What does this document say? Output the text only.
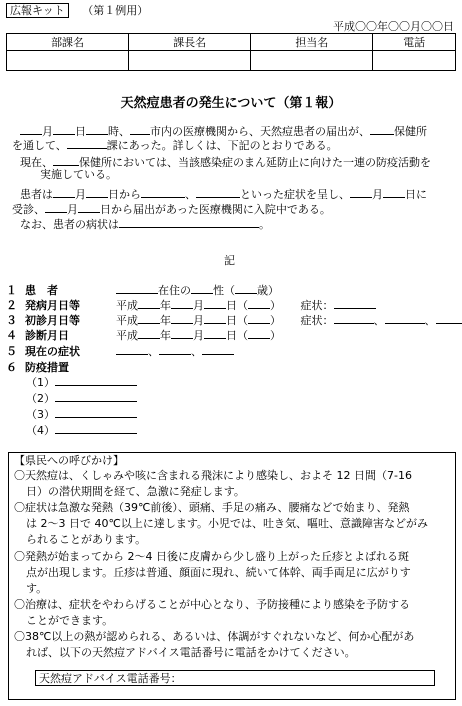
広報キット （第１例用）
平成〇〇年〇〇月〇〇日
部課名	課長名	担当名	電話

天然痘患者の発生について（第１報）
月 日 時、 市内の医療機関から、天然痘患者の届出が、 保健所
を通して、	課にあった。詳しくは、下記のとおりである。
現在、 保健所においては、当該感染症のまん延防止に向けた一連の防疫活動を
実施している。
患者は 月 日から	、	といった症状を呈し、 月 日に
受診、 月 日から届出があった医療機関に入院中である。
なお、患者の病状は	。
記
１ 患　者	在住の 性（ 歳）
２ 発病月日等	平成 年 月 日（ ） 症状：
３ 初診月日等	平成 年 月 日（ ） 症状：	、	、
４ 診断月日	平成 年 月 日（ ）
５ 現在の症状	、	、
６ 防疫措置
（1）
（2）
（3）
（4）
【県民への呼びかけ】
〇天然痘は、くしゃみや咳に含まれる飛沫により感染し、およそ 12 日間（7-16
日）の潜伏期間を経て、急激に発症します。
〇症状は急激な発熱（39℃前後）、頭痛、手足の痛み、腰痛などで始まり、発熱
は 2〜3 日で 40℃以上に達します。小児では、吐き気、嘔吐、意識障害などがみ
られることがあります。
〇発熱が始まってから 2〜4 日後に皮膚から少し盛り上がった丘疹とよばれる斑
点が出現します。丘疹は普通、顔面に現れ、続いて体幹、両手両足に広がりす
す。
〇治療は、症状をやわらげることが中心となり、予防接種により感染を予防する
ことができます。
〇38℃以上の熱が認められる、あるいは、体調がすぐれないなど、何か心配があ
れば、以下の天然痘アドバイス電話番号に電話をかけてください。
天然痘アドバイス電話番号：
